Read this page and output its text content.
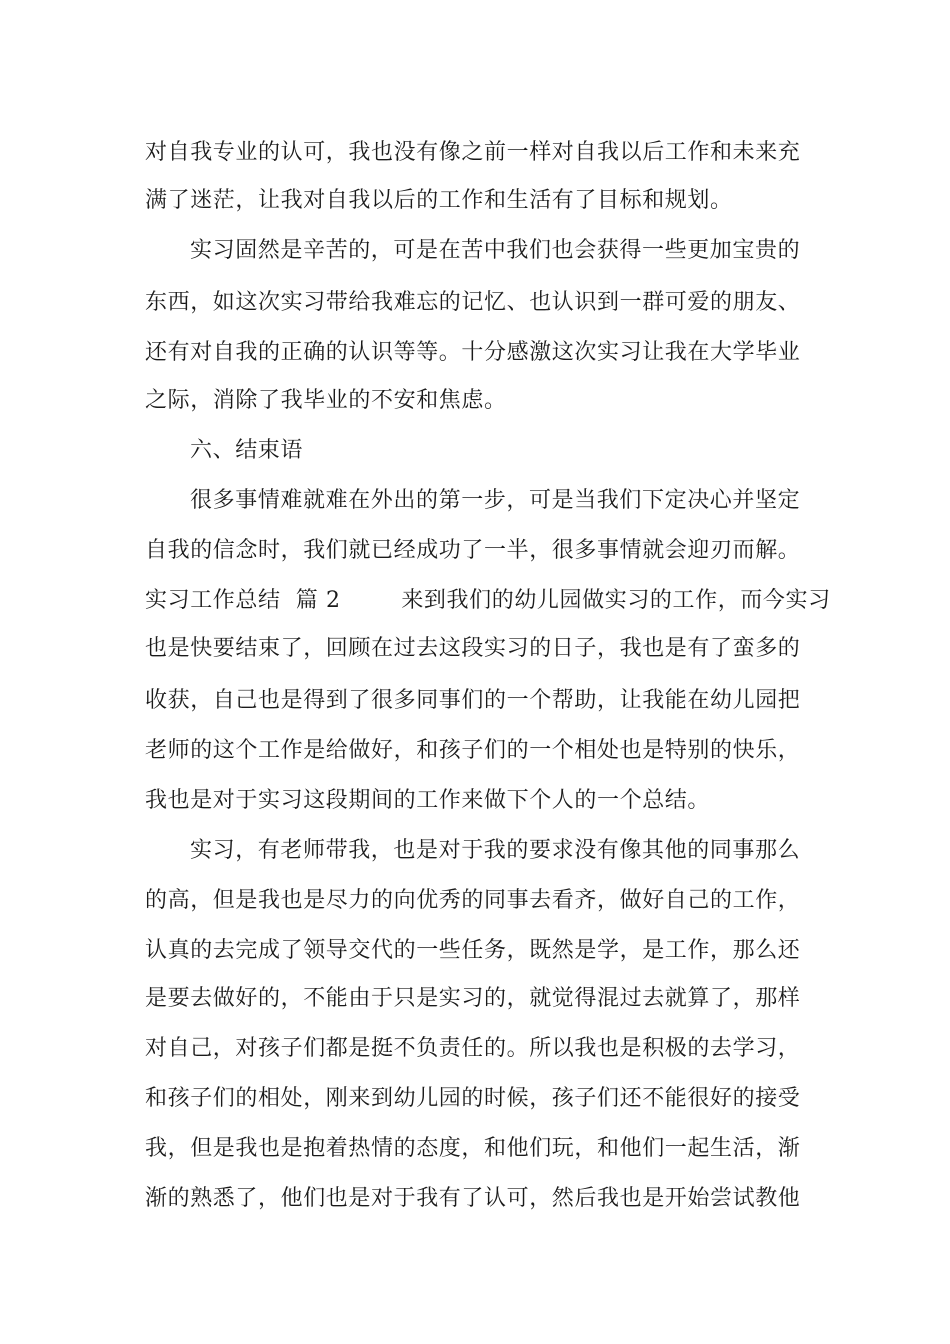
对自我专业的认可，我也没有像之前一样对自我以后工作和未来充
满了迷茫，让我对自我以后的工作和生活有了目标和规划。
实习固然是辛苦的，可是在苦中我们也会获得一些更加宝贵的
东西，如这次实习带给我难忘的记忆、也认识到一群可爱的朋友、
还有对自我的正确的认识等等。十分感激这次实习让我在大学毕业
之际，消除了我毕业的不安和焦虑。
六、结束语
很多事情难就难在外出的第一步，可是当我们下定决心并坚定
自我的信念时，我们就已经成功了一半，很多事情就会迎刃而解。
实习工作总结  篇 2        来到我们的幼儿园做实习的工作，而今实习
也是快要结束了，回顾在过去这段实习的日子，我也是有了蛮多的
收获，自己也是得到了很多同事们的一个帮助，让我能在幼儿园把
老师的这个工作是给做好，和孩子们的一个相处也是特别的快乐，
我也是对于实习这段期间的工作来做下个人的一个总结。
实习，有老师带我，也是对于我的要求没有像其他的同事那么
的高，但是我也是尽力的向优秀的同事去看齐，做好自己的工作，
认真的去完成了领导交代的一些任务，既然是学，是工作，那么还
是要去做好的，不能由于只是实习的，就觉得混过去就算了，那样
对自己，对孩子们都是挺不负责任的。所以我也是积极的去学习，
和孩子们的相处，刚来到幼儿园的时候，孩子们还不能很好的接受
我，但是我也是抱着热情的态度，和他们玩，和他们一起生活，渐
渐的熟悉了，他们也是对于我有了认可，然后我也是开始尝试教他
